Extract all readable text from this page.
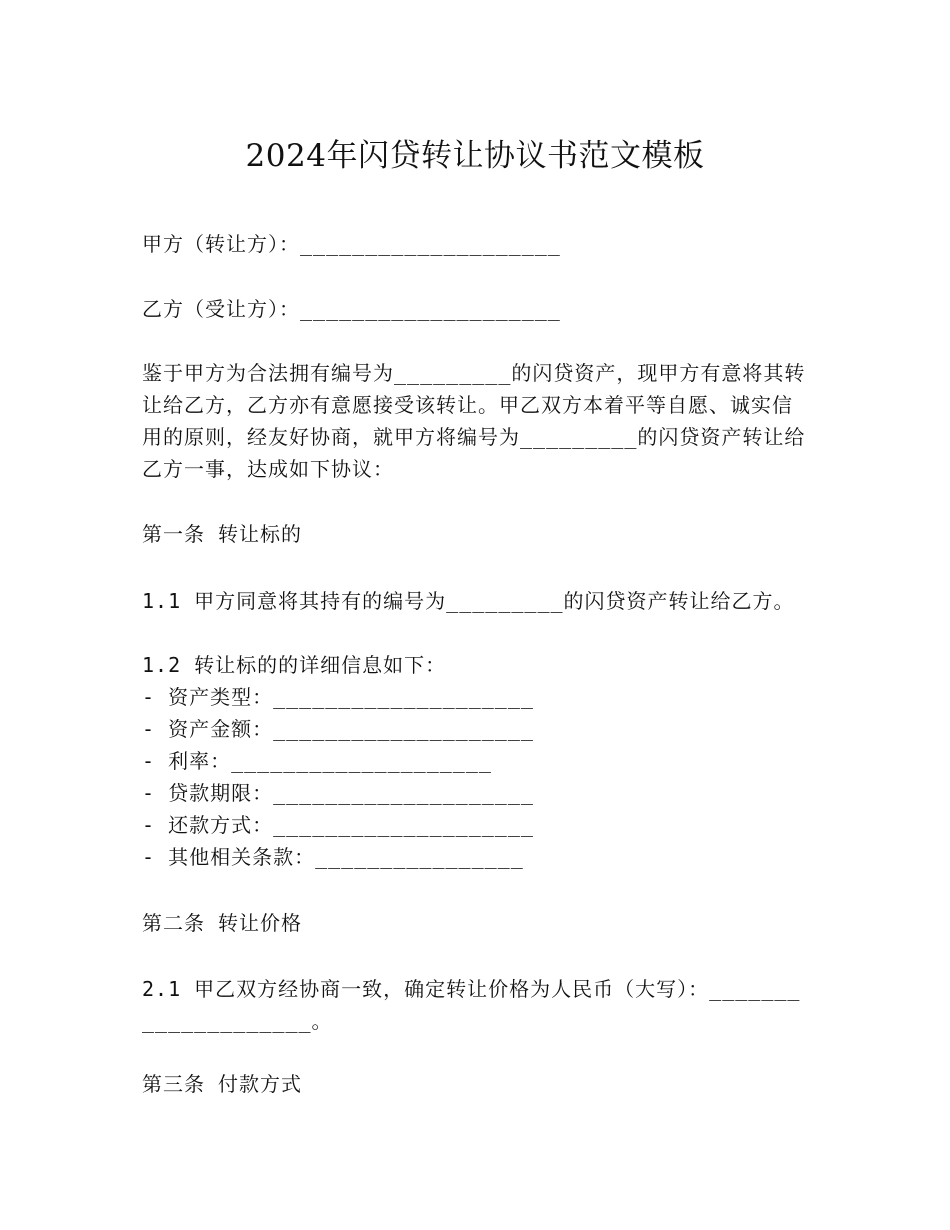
2024年闪贷转让协议书范文模板
甲方（转让方）：____________________
乙方（受让方）：____________________
鉴于甲方为合法拥有编号为_________的闪贷资产，现甲方有意将其转让给乙方，乙方亦有意愿接受该转让。甲乙双方本着平等自愿、诚实信用的原则，经友好协商，就甲方将编号为_________的闪贷资产转让给乙方一事，达成如下协议：
第一条 转让标的
1.1 甲方同意将其持有的编号为_________的闪贷资产转让给乙方。
1.2 转让标的的详细信息如下：
- 资产类型：____________________
- 资产金额：____________________
- 利率：____________________
- 贷款期限：____________________
- 还款方式：____________________
- 其他相关条款：________________
第二条 转让价格
2.1 甲乙双方经协商一致，确定转让价格为人民币（大写）：____________________。
第三条 付款方式
